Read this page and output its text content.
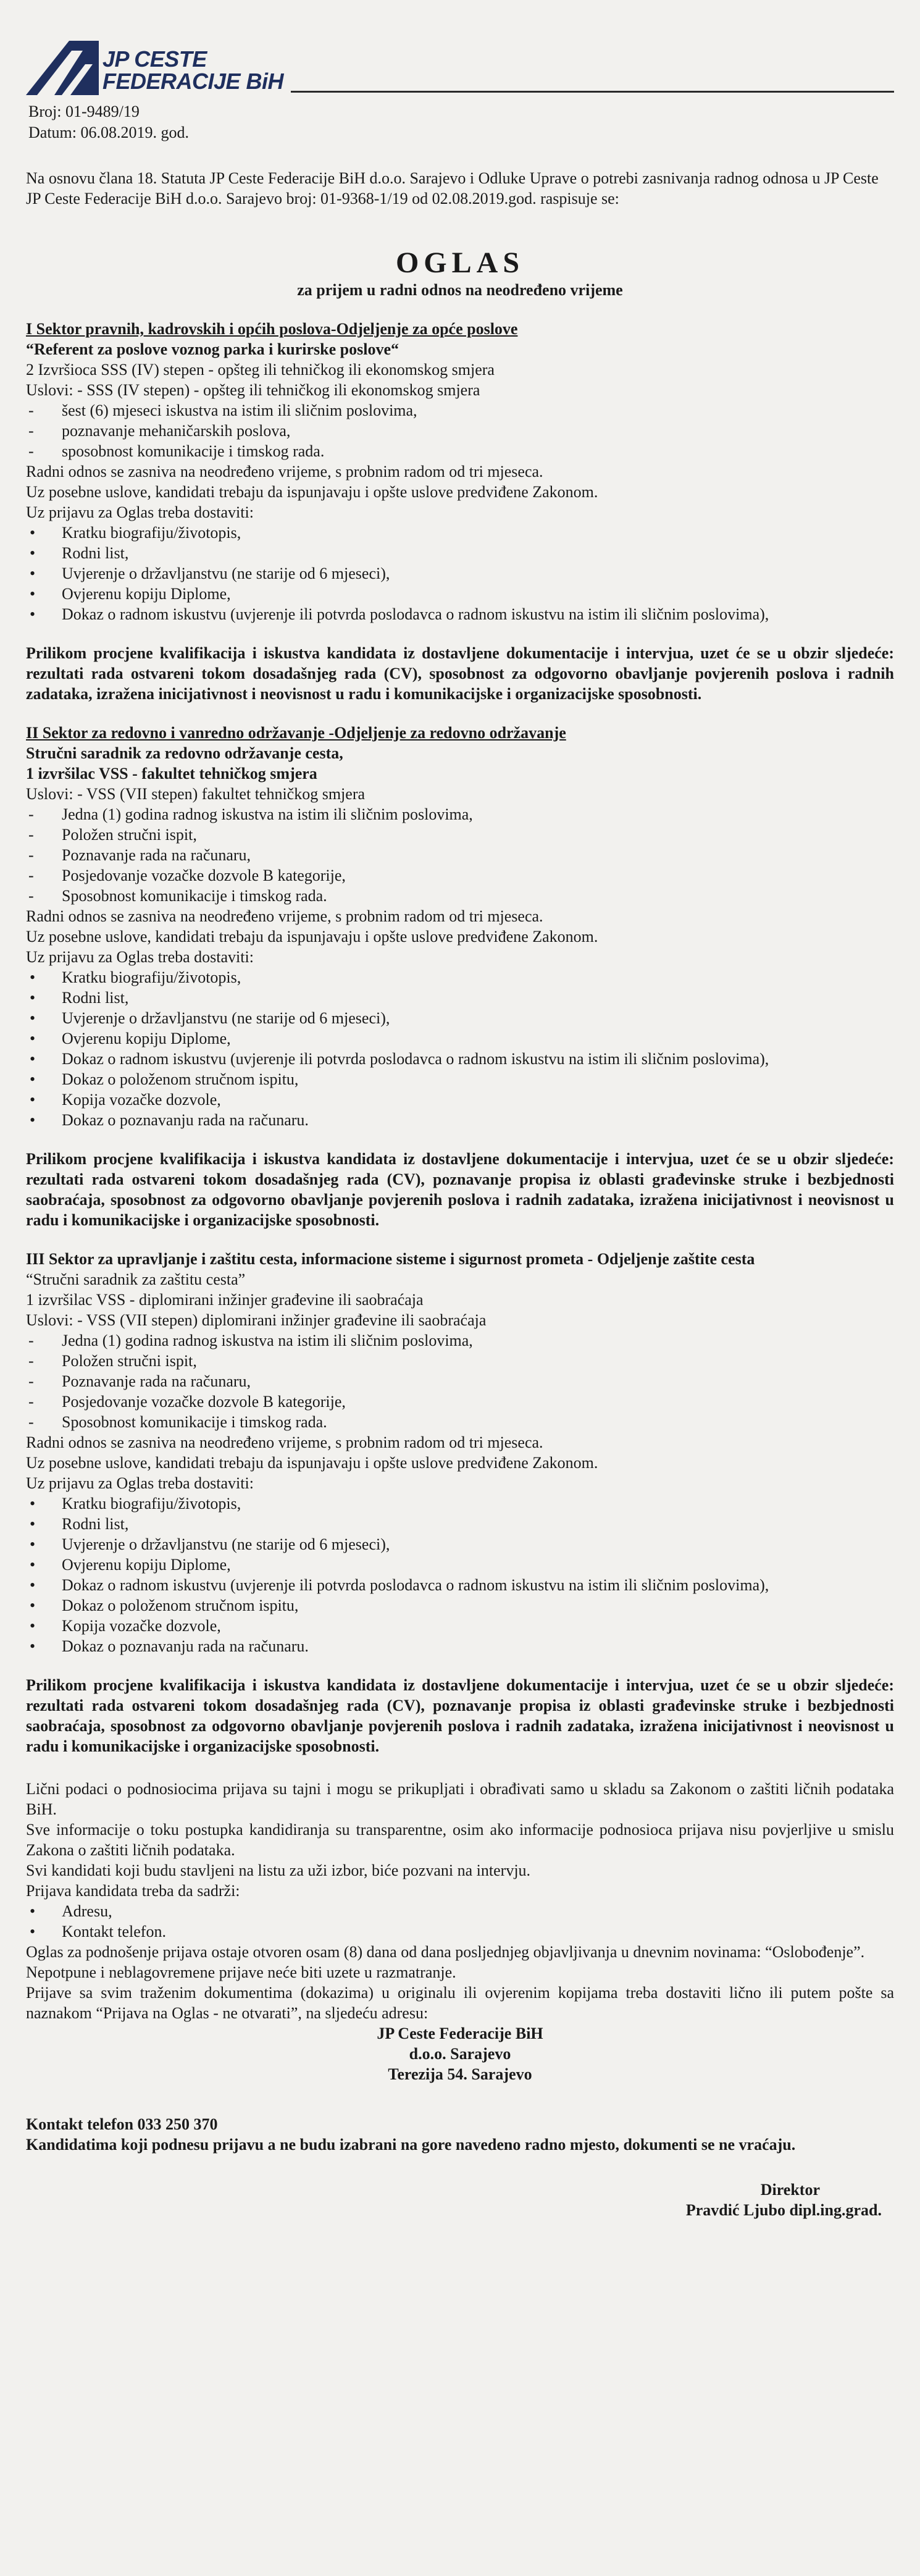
JP CESTE
FEDERACIJE BiH
Broj: 01-9489/19
Datum: 06.08.2019. god.
Na osnovu člana 18. Statuta JP Ceste Federacije BiH d.o.o. Sarajevo i Odluke Uprave o potrebi zasnivanja radnog odnosa u JP Ceste JP Ceste Federacije BiH d.o.o. Sarajevo broj: 01-9368-1/19 od 02.08.2019.god. raspisuje se:
OGLAS
za prijem u radni odnos na neodređeno vrijeme
I Sektor pravnih, kadrovskih i općih poslova-Odjeljenje za opće poslove
“Referent za poslove voznog parka i kurirske poslove“
2 Izvršioca SSS (IV) stepen - opšteg ili tehničkog ili ekonomskog smjera
Uslovi: - SSS (IV stepen) - opšteg ili tehničkog ili ekonomskog smjera
- šest (6) mjeseci iskustva na istim ili sličnim poslovima,
- poznavanje mehaničarskih poslova,
- sposobnost komunikacije i timskog rada.
Radni odnos se zasniva na neodređeno vrijeme, s probnim radom od tri mjeseca.
Uz posebne uslove, kandidati trebaju da ispunjavaju i opšte uslove predviđene Zakonom.
Uz prijavu za Oglas treba dostaviti:
• Kratku biografiju/životopis,
• Rodni list,
• Uvjerenje o državljanstvu (ne starije od 6 mjeseci),
• Ovjerenu kopiju Diplome,
• Dokaz o radnom iskustvu (uvjerenje ili potvrda poslodavca o radnom iskustvu na istim ili sličnim poslovima),
Prilikom procjene kvalifikacija i iskustva kandidata iz dostavljene dokumentacije i intervjua, uzet će se u obzir sljedeće: rezultati rada ostvareni tokom dosadašnjeg rada (CV), sposobnost za odgovorno obavljanje povjerenih poslova i radnih zadataka, izražena inicijativnost i neovisnost u radu i komunikacijske i organizacijske sposobnosti.
II Sektor za redovno i vanredno održavanje -Odjeljenje za redovno održavanje
Stručni saradnik za redovno održavanje cesta,
1 izvršilac VSS - fakultet tehničkog smjera
Uslovi: - VSS (VII stepen) fakultet tehničkog smjera
- Jedna (1) godina radnog iskustva na istim ili sličnim poslovima,
- Položen stručni ispit,
- Poznavanje rada na računaru,
- Posjedovanje vozačke dozvole B kategorije,
- Sposobnost komunikacije i timskog rada.
Radni odnos se zasniva na neodređeno vrijeme, s probnim radom od tri mjeseca.
Uz posebne uslove, kandidati trebaju da ispunjavaju i opšte uslove predviđene Zakonom.
Uz prijavu za Oglas treba dostaviti:
• Kratku biografiju/životopis,
• Rodni list,
• Uvjerenje o državljanstvu (ne starije od 6 mjeseci),
• Ovjerenu kopiju Diplome,
• Dokaz o radnom iskustvu (uvjerenje ili potvrda poslodavca o radnom iskustvu na istim ili sličnim poslovima),
• Dokaz o položenom stručnom ispitu,
• Kopija vozačke dozvole,
• Dokaz o poznavanju rada na računaru.
Prilikom procjene kvalifikacija i iskustva kandidata iz dostavljene dokumentacije i intervjua, uzet će se u obzir sljedeće: rezultati rada ostvareni tokom dosadašnjeg rada (CV), poznavanje propisa iz oblasti građevinske struke i bezbjednosti saobraćaja, sposobnost za odgovorno obavljanje povjerenih poslova i radnih zadataka, izražena inicijativnost i neovisnost u radu i komunikacijske i organizacijske sposobnosti.
III Sektor za upravljanje i zaštitu cesta, informacione sisteme i sigurnost prometa - Odjeljenje zaštite cesta
“Stručni saradnik za zaštitu cesta”
1 izvršilac VSS - diplomirani inžinjer građevine ili saobraćaja
Uslovi: - VSS (VII stepen) diplomirani inžinjer građevine ili saobraćaja
- Jedna (1) godina radnog iskustva na istim ili sličnim poslovima,
- Položen stručni ispit,
- Poznavanje rada na računaru,
- Posjedovanje vozačke dozvole B kategorije,
- Sposobnost komunikacije i timskog rada.
Radni odnos se zasniva na neodređeno vrijeme, s probnim radom od tri mjeseca.
Uz posebne uslove, kandidati trebaju da ispunjavaju i opšte uslove predviđene Zakonom.
Uz prijavu za Oglas treba dostaviti:
• Kratku biografiju/životopis,
• Rodni list,
• Uvjerenje o državljanstvu (ne starije od 6 mjeseci),
• Ovjerenu kopiju Diplome,
• Dokaz o radnom iskustvu (uvjerenje ili potvrda poslodavca o radnom iskustvu na istim ili sličnim poslovima),
• Dokaz o položenom stručnom ispitu,
• Kopija vozačke dozvole,
• Dokaz o poznavanju rada na računaru.
Prilikom procjene kvalifikacija i iskustva kandidata iz dostavljene dokumentacije i intervjua, uzet će se u obzir sljedeće: rezultati rada ostvareni tokom dosadašnjeg rada (CV), poznavanje propisa iz oblasti građevinske struke i bezbjednosti saobraćaja, sposobnost za odgovorno obavljanje povjerenih poslova i radnih zadataka, izražena inicijativnost i neovisnost u radu i komunikacijske i organizacijske sposobnosti.
Lični podaci o podnosiocima prijava su tajni i mogu se prikupljati i obrađivati samo u skladu sa Zakonom o zaštiti ličnih podataka BiH.
Sve informacije o toku postupka kandidiranja su transparentne, osim ako informacije podnosioca prijava nisu povjerljive u smislu Zakona o zaštiti ličnih podataka.
Svi kandidati koji budu stavljeni na listu za uži izbor, biće pozvani na intervju.
Prijava kandidata treba da sadrži:
• Adresu,
• Kontakt telefon.
Oglas za podnošenje prijava ostaje otvoren osam (8) dana od dana posljednjeg objavljivanja u dnevnim novinama: “Oslobođenje”.
Nepotpune i neblagovremene prijave neće biti uzete u razmatranje.
Prijave sa svim traženim dokumentima (dokazima) u originalu ili ovjerenim kopijama treba dostaviti lično ili putem pošte sa naznakom “Prijava na Oglas - ne otvarati”, na sljedeću adresu:
JP Ceste Federacije BiH
d.o.o. Sarajevo
Terezija 54. Sarajevo
Kontakt telefon 033 250 370
Kandidatima koji podnesu prijavu a ne budu izabrani na gore navedeno radno mjesto, dokumenti se ne vraćaju.
Direktor
Pravdić Ljubo dipl.ing.grad.
